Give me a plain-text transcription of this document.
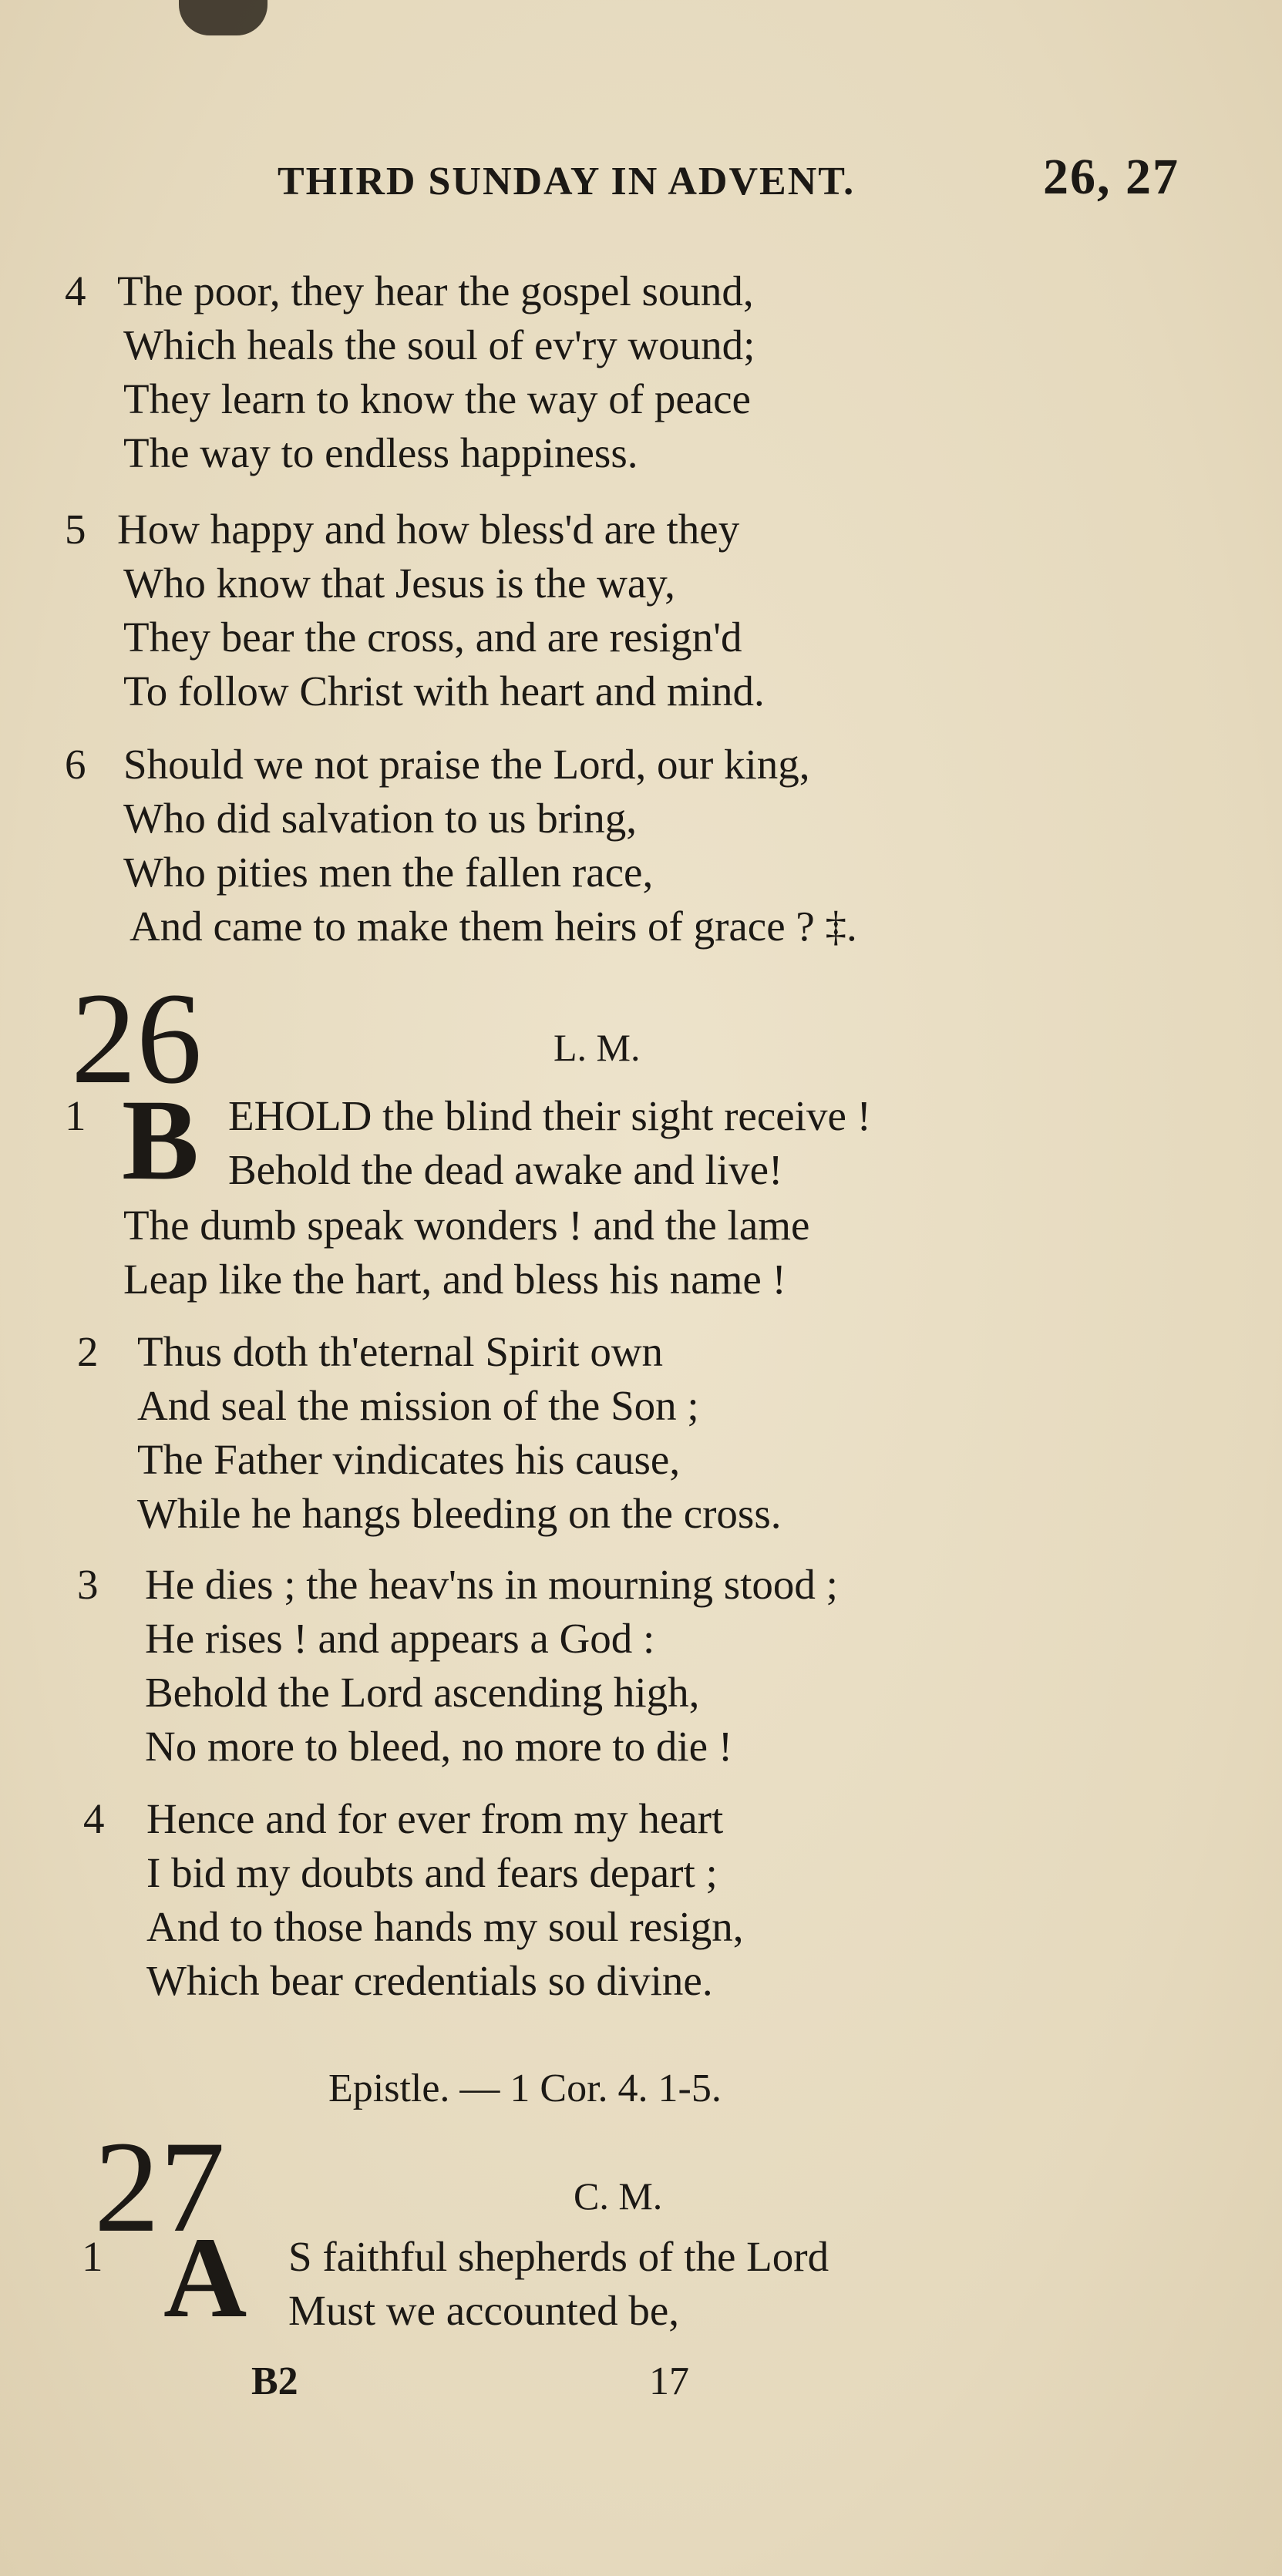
THIRD SUNDAY IN ADVENT.	26, 27
4 The poor, they hear the gospel sound,
Which heals the soul of ev'ry wound;
They learn to know the way of peace
The way to endless happiness.
5 How happy and how bless'd are they
Who know that Jesus is the way,
They bear the cross, and are resign'd
To follow Christ with heart and mind.
6 Should we not praise the Lord, our king,
Who did salvation to us bring,
Who pities men the fallen race,
And came to make them heirs of grace ? ‡.
26	L. M.
1 B EHOLD the blind their sight receive !
Behold the dead awake and live!
The dumb speak wonders ! and the lame
Leap like the hart, and bless his name !
2 Thus doth th'eternal Spirit own
And seal the mission of the Son ;
The Father vindicates his cause,
While he hangs bleeding on the cross.
3 He dies ; the heav'ns in mourning stood ;
He rises ! and appears a God :
Behold the Lord ascending high,
No more to bleed, no more to die !
4 Hence and for ever from my heart
I bid my doubts and fears depart ;
And to those hands my soul resign,
Which bear credentials so divine.
Epistle. — 1 Cor. 4. 1-5.
27	C. M.
1 A S faithful shepherds of the Lord
Must we accounted be,
B2	17
